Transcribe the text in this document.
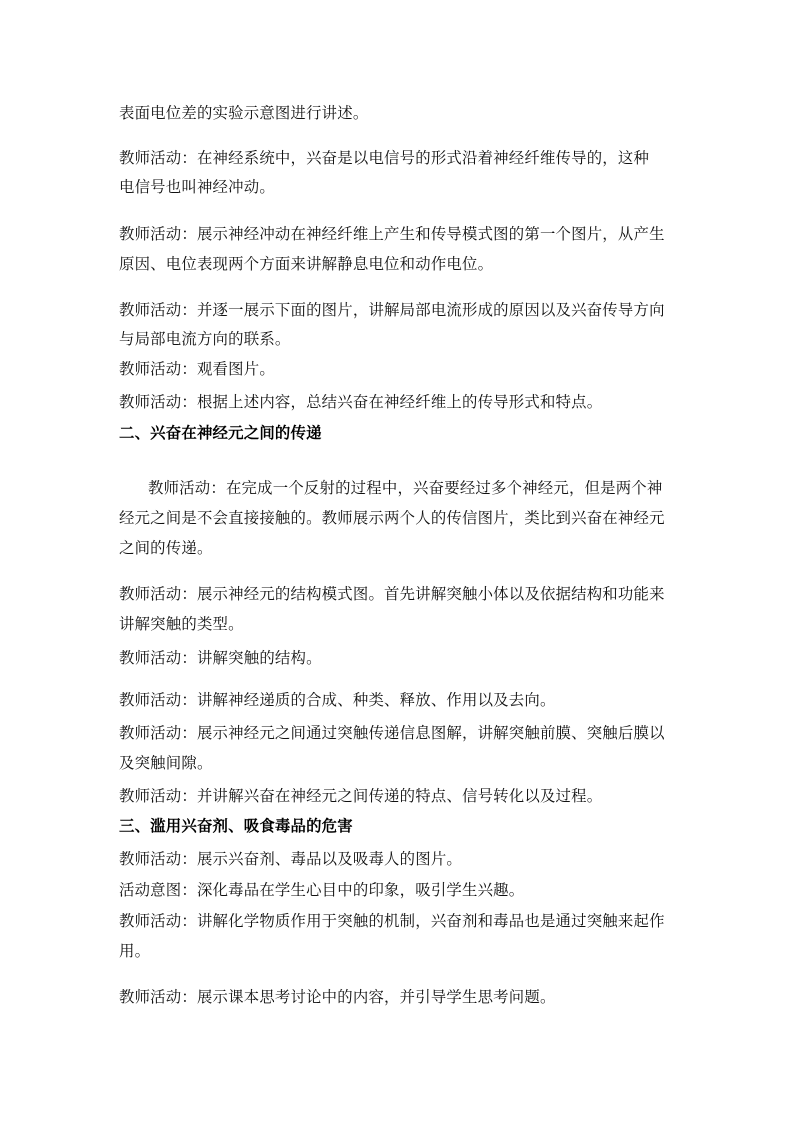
表面电位差的实验示意图进行讲述。
教师活动：在神经系统中，兴奋是以电信号的形式沿着神经纤维传导的，这种
电信号也叫神经冲动。
教师活动：展示神经冲动在神经纤维上产生和传导模式图的第一个图片，从产生
原因、电位表现两个方面来讲解静息电位和动作电位。
教师活动：并逐一展示下面的图片，讲解局部电流形成的原因以及兴奋传导方向
与局部电流方向的联系。
教师活动：观看图片。
教师活动：根据上述内容，总结兴奋在神经纤维上的传导形式和特点。
二、兴奋在神经元之间的传递
教师活动：在完成一个反射的过程中，兴奋要经过多个神经元，但是两个神
经元之间是不会直接接触的。教师展示两个人的传信图片，类比到兴奋在神经元
之间的传递。
教师活动：展示神经元的结构模式图。首先讲解突触小体以及依据结构和功能来
讲解突触的类型。
教师活动：讲解突触的结构。
教师活动：讲解神经递质的合成、种类、释放、作用以及去向。
教师活动：展示神经元之间通过突触传递信息图解，讲解突触前膜、突触后膜以
及突触间隙。
教师活动：并讲解兴奋在神经元之间传递的特点、信号转化以及过程。
三、滥用兴奋剂、吸食毒品的危害
教师活动：展示兴奋剂、毒品以及吸毒人的图片。
活动意图：深化毒品在学生心目中的印象，吸引学生兴趣。
教师活动：讲解化学物质作用于突触的机制，兴奋剂和毒品也是通过突触来起作
用。
教师活动：展示课本思考讨论中的内容，并引导学生思考问题。
